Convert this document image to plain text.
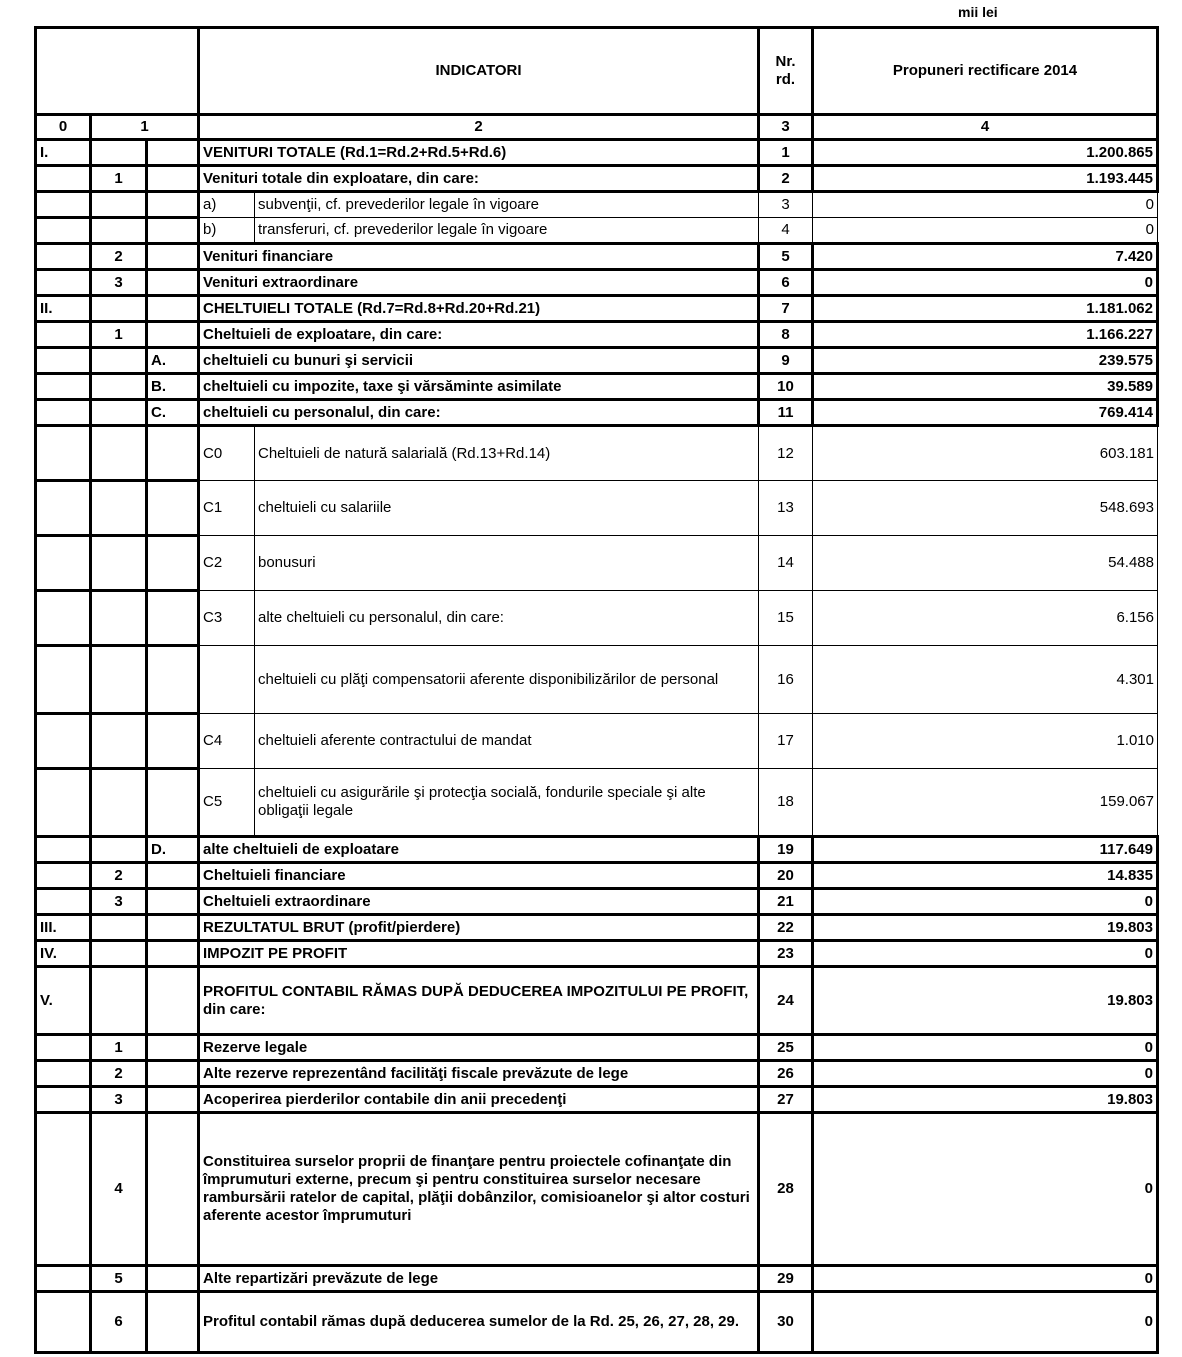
mii lei
			INDICATORI		Nr. rd.	Propuneri rectificare 2014
0	1		2		3	4
I.			VENITURI TOTALE (Rd.1=Rd.2+Rd.5+Rd.6)		1	1.200.865
	1		Venituri totale din exploatare, din care:		2	1.193.445
			a)	subvenţii, cf. prevederilor legale în vigoare	3	0
			b)	transferuri, cf. prevederilor legale în vigoare	4	0
	2		Venituri financiare		5	7.420
	3		Venituri extraordinare		6	0
II.			CHELTUIELI TOTALE (Rd.7=Rd.8+Rd.20+Rd.21)		7	1.181.062
	1		Cheltuieli de exploatare, din care:		8	1.166.227
		A.	cheltuieli cu bunuri şi servicii		9	239.575
		B.	cheltuieli cu impozite, taxe şi vărsăminte asimilate		10	39.589
		C.	cheltuieli cu personalul, din care:		11	769.414
			C0	Cheltuieli de natură salarială (Rd.13+Rd.14)	12	603.181
			C1	cheltuieli cu salariile	13	548.693
			C2	bonusuri	14	54.488
			C3	alte cheltuieli cu personalul, din care:	15	6.156
				cheltuieli cu plăţi compensatorii aferente disponibilizărilor de personal	16	4.301
			C4	cheltuieli aferente contractului de mandat	17	1.010
			C5	cheltuieli cu asigurările şi protecţia socială, fondurile speciale şi alte obligaţii legale	18	159.067
		D.	alte cheltuieli de exploatare		19	117.649
	2		Cheltuieli financiare		20	14.835
	3		Cheltuieli extraordinare		21	0
III.			REZULTATUL BRUT (profit/pierdere)		22	19.803
IV.			IMPOZIT PE PROFIT		23	0
V.			PROFITUL CONTABIL RĂMAS DUPĂ DEDUCEREA IMPOZITULUI PE PROFIT, din care:		24	19.803
	1		Rezerve legale		25	0
	2		Alte rezerve reprezentând facilităţi fiscale prevăzute de lege		26	0
	3		Acoperirea pierderilor contabile din anii precedenţi		27	19.803
	4		Constituirea surselor proprii de finanţare pentru proiectele cofinanţate din împrumuturi externe, precum şi pentru constituirea surselor necesare rambursării ratelor de capital, plăţii dobânzilor, comisioanelor şi altor costuri aferente acestor împrumuturi		28	0
	5		Alte repartizări prevăzute de lege		29	0
	6		Profitul contabil rămas după deducerea sumelor de la Rd. 25, 26, 27, 28, 29.		30	0
